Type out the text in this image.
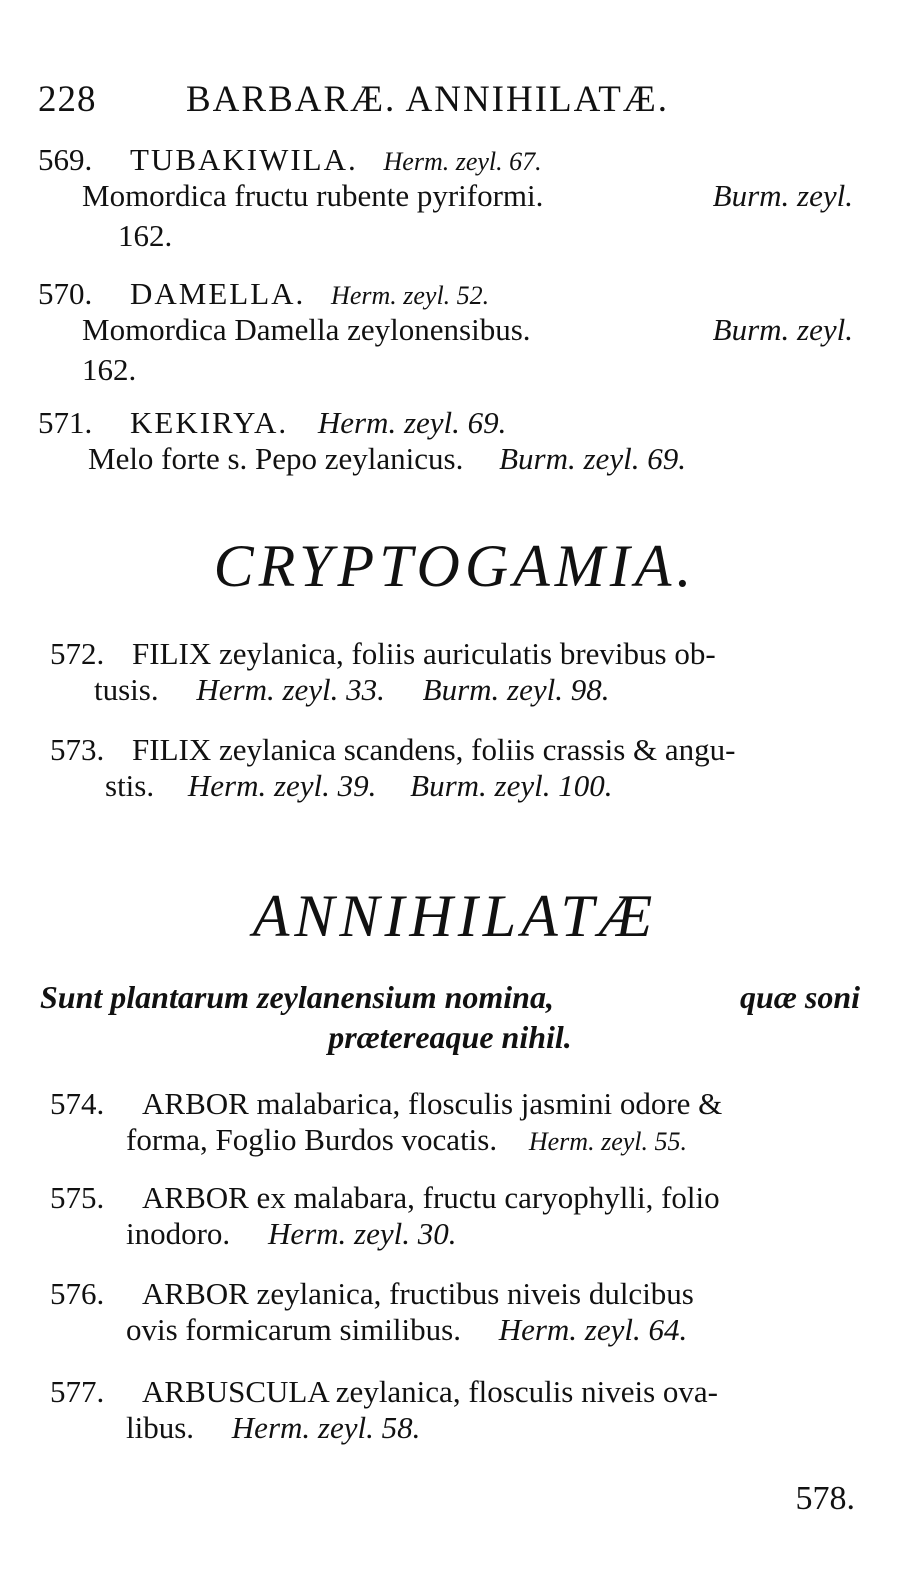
228 BARBARÆ. ANNIHILATÆ.
569. TUBAKIWILA. Herm. zeyl. 67.
Momordica fructu rubente pyriformi.	Burm. zeyl.
162.
570. DAMELLA. Herm. zeyl. 52.
Momordica Damella zeylonensibus.	Burm. zeyl.
162.
571. KEKIRYA. Herm. zeyl. 69.
Melo forte s. Pepo zeylanicus. Burm. zeyl. 69.
CRYPTOGAMIA.
572. FILIX zeylanica, foliis auriculatis brevibus ob-
tusis. Herm. zeyl. 33. Burm. zeyl. 98.
573. FILIX zeylanica scandens, foliis crassis & angu-
stis. Herm. zeyl. 39. Burm. zeyl. 100.
ANNIHILATÆ
Sunt plantarum zeylanensium nomina,	quæ soni
prætereaque nihil.
574. ARBOR malabarica, flosculis jasmini odore &
forma, Foglio Burdos vocatis. Herm. zeyl. 55.
575. ARBOR ex malabara, fructu caryophylli, folio
inodoro. Herm. zeyl. 30.
576. ARBOR zeylanica, fructibus niveis dulcibus
ovis formicarum similibus. Herm. zeyl. 64.
577. ARBUSCULA zeylanica, flosculis niveis ova-
libus. Herm. zeyl. 58.
578.
